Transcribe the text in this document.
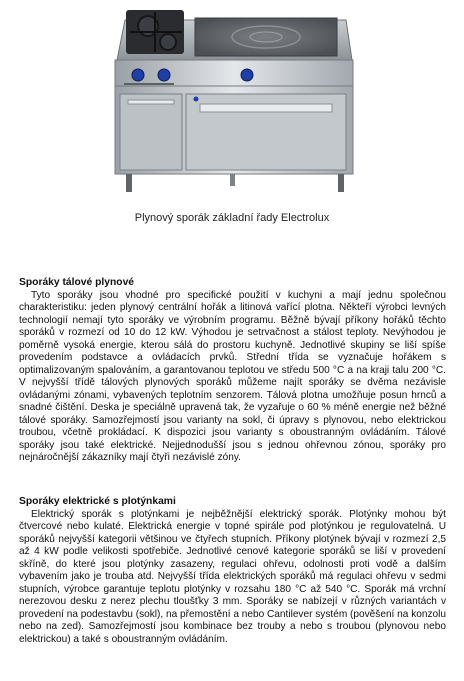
Plynový sporák základní řady Electrolux
Sporáky tálové plynové

Tyto sporáky jsou vhodné pro specifické použití v kuchyni a mají jednu společnou charakteristiku: jeden plynový centrální hořák a litinová vařící plotna. Někteří výrobci levných technologií nemají tyto sporáky ve výrobním programu. Běžně bývají příkony hořáků těchto sporáků v rozmezí od 10 do 12 kW. Výhodou je setrvačnost a stálost teploty. Nevýhodou je poměrně vysoká energie, kterou sálá do prostoru kuchyně. Jednotlivé skupiny se liší spíše provedením podstavce a ovládacích prvků. Střední třída se vyznačuje hořákem s optimalizovaným spalováním, a garantovanou teplotou ve středu 500 °C a na kraji talu 200 °C. V nejvyšší třídě tálových plynových sporáků můžeme najít sporáky se dvěma nezávisle ovládanými zónami, vybavených teplotním senzorem. Tálová plotna umožňuje posun hrnců a snadné čištění. Deska je speciálně upravená tak, že vyzařuje o 60 % méně energie než běžné tálové sporáky. Samozřejmostí jsou varianty na sokl, či úpravy s plynovou, nebo elektrickou troubou, včetně prokládací. K dispozici jsou varianty s oboustranným ovládáním. Tálové sporáky jsou také elektrické. Nejjednodušší jsou s jednou ohřevnou zónou, sporáky pro nejnáročnější zákazníky mají čtyři nezávislé zóny.

Sporáky elektrické s plotýnkami

Elektrický sporák s plotýnkami je nejběžnější elektrický sporák. Plotýnky mohou být čtvercové nebo kulaté. Elektrická energie v topné spirále pod plotýnkou je regulovatelná. U sporáků nejvyšší kategorii většinou ve čtyřech stupních. Příkony plotýnek bývají v rozmezí 2,5 až 4 kW podle velikosti spotřebiče. Jednotlivé cenové kategorie sporáků se liší v provedení skříně, do které jsou plotýnky zasazeny, regulaci ohřevu, odolnosti proti vodě a dalším vybavením jako je trouba atd. Nejvyšší třída elektrických sporáků má regulaci ohřevu v sedmi stupních, výrobce garantuje teplotu plotýnky v rozsahu 180 °C až 540 °C. Sporák má vrchní nerezovou desku z nerez plechu tloušťky 3 mm. Sporáky se nabízejí v různých variantách v provedení na podestavbu (sokl), na přemostění a nebo Cantilever systém (pověšení na konzolu nebo na zed). Samozřejmostí jsou kombinace bez trouby a nebo s troubou (plynovou nebo elektrickou) a také s oboustranným ovládáním.
